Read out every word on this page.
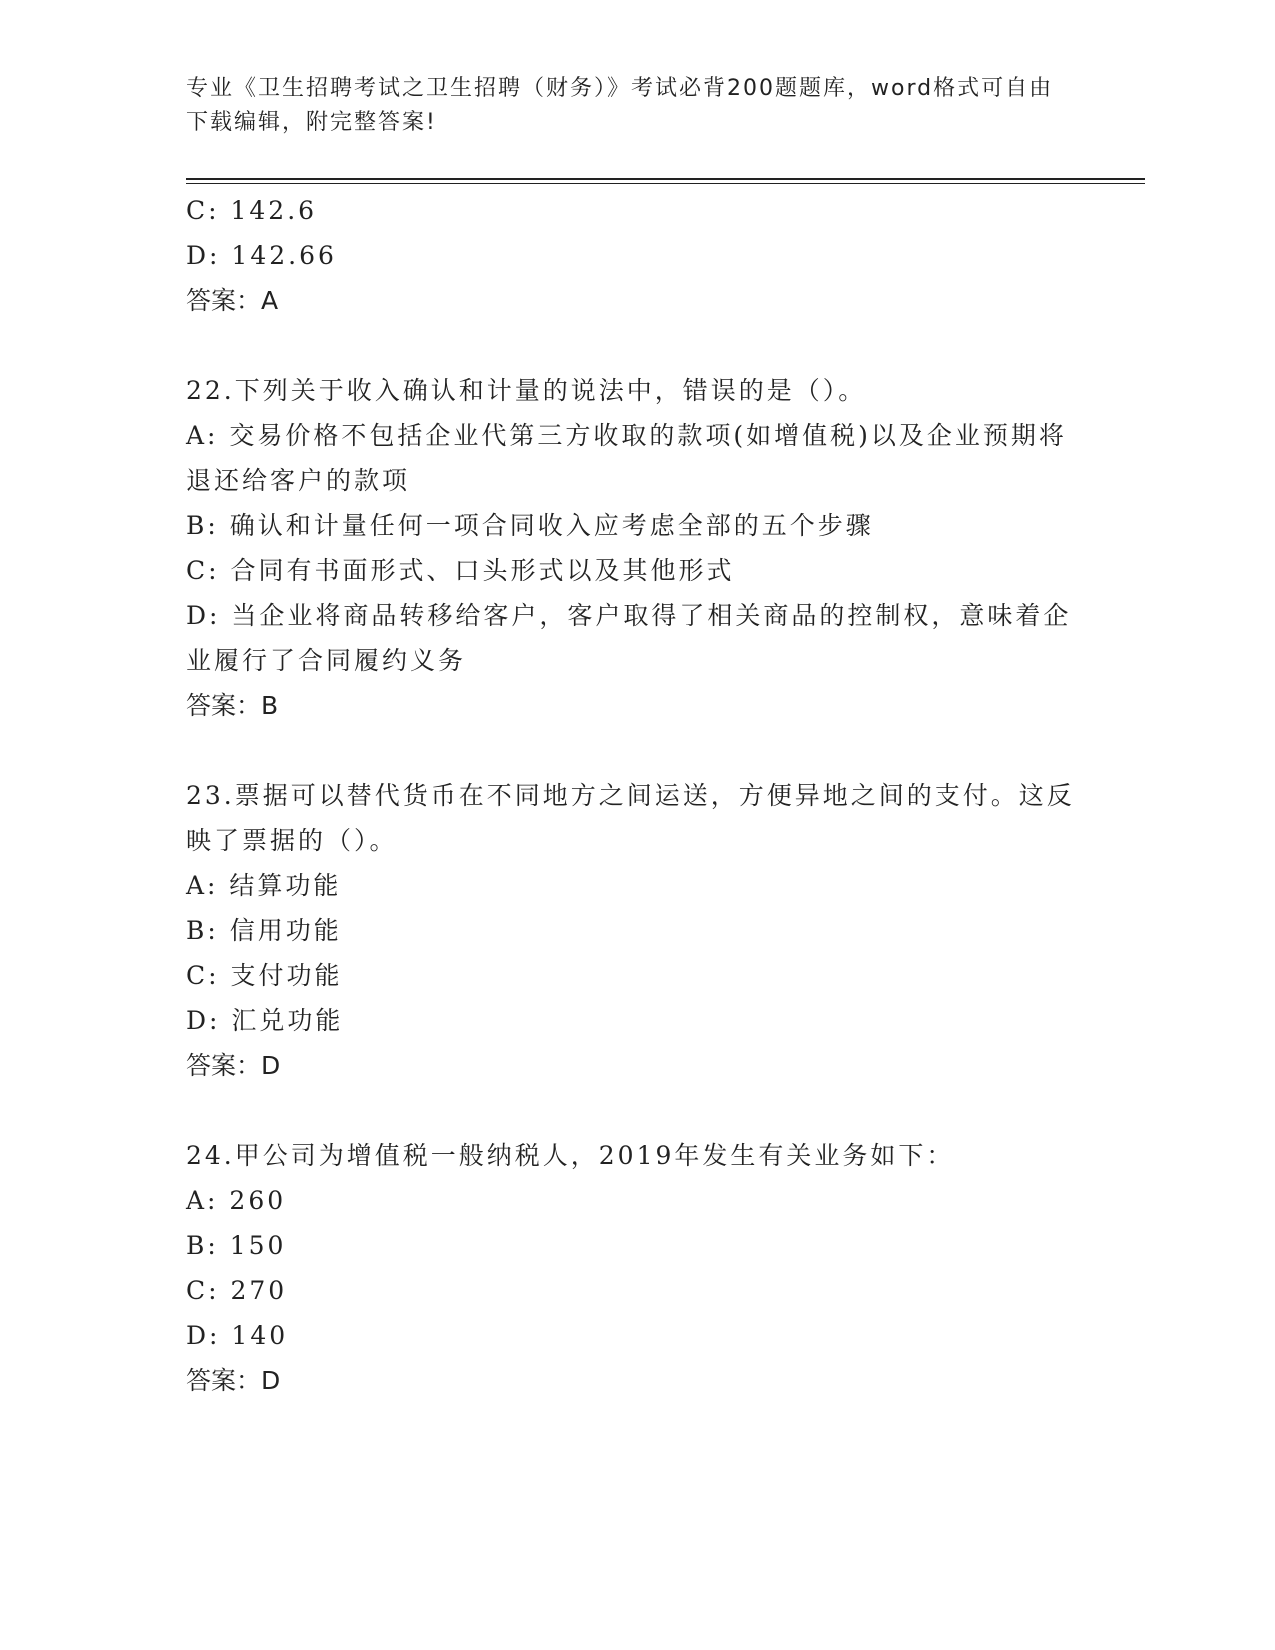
专业《卫生招聘考试之卫生招聘（财务）》考试必背200题题库，word格式可自由下载编辑，附完整答案!

C: 142.6

D: 142.66

答案：A

22.下列关于收入确认和计量的说法中，错误的是（）。

A: 交易价格不包括企业代第三方收取的款项(如增值税)以及企业预期将退还给客户的款项

B: 确认和计量任何一项合同收入应考虑全部的五个步骤

C: 合同有书面形式、口头形式以及其他形式

D: 当企业将商品转移给客户，客户取得了相关商品的控制权，意味着企业履行了合同履约义务

答案：B

23.票据可以替代货币在不同地方之间运送，方便异地之间的支付。这反映了票据的（）。

A: 结算功能

B: 信用功能

C: 支付功能

D: 汇兑功能

答案：D

24.甲公司为增值税一般纳税人，2019年发生有关业务如下：

A: 260

B: 150

C: 270

D: 140

答案：D
